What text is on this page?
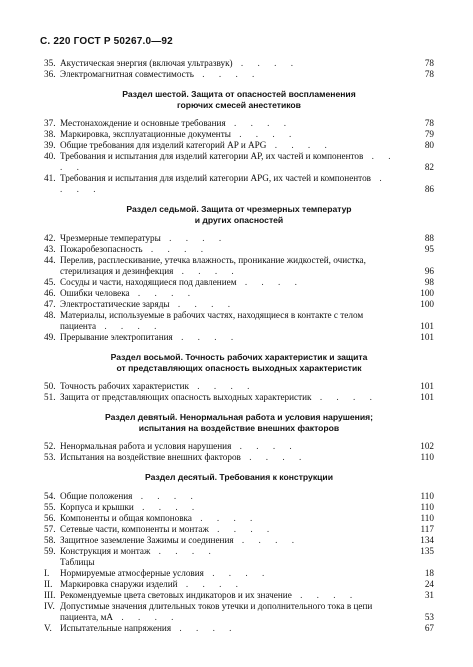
С. 220 ГОСТ Р 50267.0—92
35. Акустическая энергия (включая ультразвук) . . . .	78
36. Электромагнитная совместимость . . . .	78
Раздел шестой. Защита от опасностей воспламенения
горючих смесей анестетиков
37. Местонахождение и основные требования . . . .	78
38. Маркировка, эксплуатационные документы . . . .	79
39. Общие требования для изделий категорий AP и APG . . . .	80
40. Требования и испытания для изделий категории AP, их частей и компонентов . . . .	82
41. Требования и испытания для изделий категории APG, их частей и компонентов . . . .	86
Раздел седьмой. Защита от чрезмерных температур
и других опасностей
42. Чрезмерные температуры . . . .	88
43. Пожаробезопасность . . . .	95
44. Перелив, расплескивание, утечка влажность, проникание жидкостей, очистка, стерилизация и дезинфекция . . . .	96
45. Сосуды и части, находящиеся под давлением . . . .	98
46. Ошибки человека . . . .	100
47. Электростатические заряды . . . .	100
48. Материалы, используемые в рабочих частях, находящиеся в контакте с телом пациента . . . .	101
49. Прерывание электропитания . . . .	101
Раздел восьмой. Точность рабочих характеристик и защита
от представляющих опасность выходных характеристик
50. Точность рабочих характеристик . . . .	101
51. Защита от представляющих опасность выходных характеристик . . . .	101
Раздел девятый. Ненормальная работа и условия нарушения;
испытания на воздействие внешних факторов
52. Ненормальная работа и условия нарушения . . . .	102
53. Испытания на воздействие внешних факторов . . . .	110
Раздел десятый. Требования к конструкции
54. Общие положения . . . .	110
55. Корпуса и крышки . . . .	110
56. Компоненты и общая компоновка . . . .	110
57. Сетевые части, компоненты и монтаж . . . .	117
58. Защитное заземление Зажимы и соединения . . . .	134
59. Конструкция и монтаж . . . .	135
Таблицы
I.	Нормируемые атмосферные условия . . . .	18
II. Маркировка снаружи изделий . . . .	24
III. Рекомендуемые цвета световых индикаторов и их значение . . . .	31
IV. Допустимые значения длительных токов утечки и дополнительного тока в цепи пациента, мА . . . .	53
V. Испытательные напряжения . . . .	67
